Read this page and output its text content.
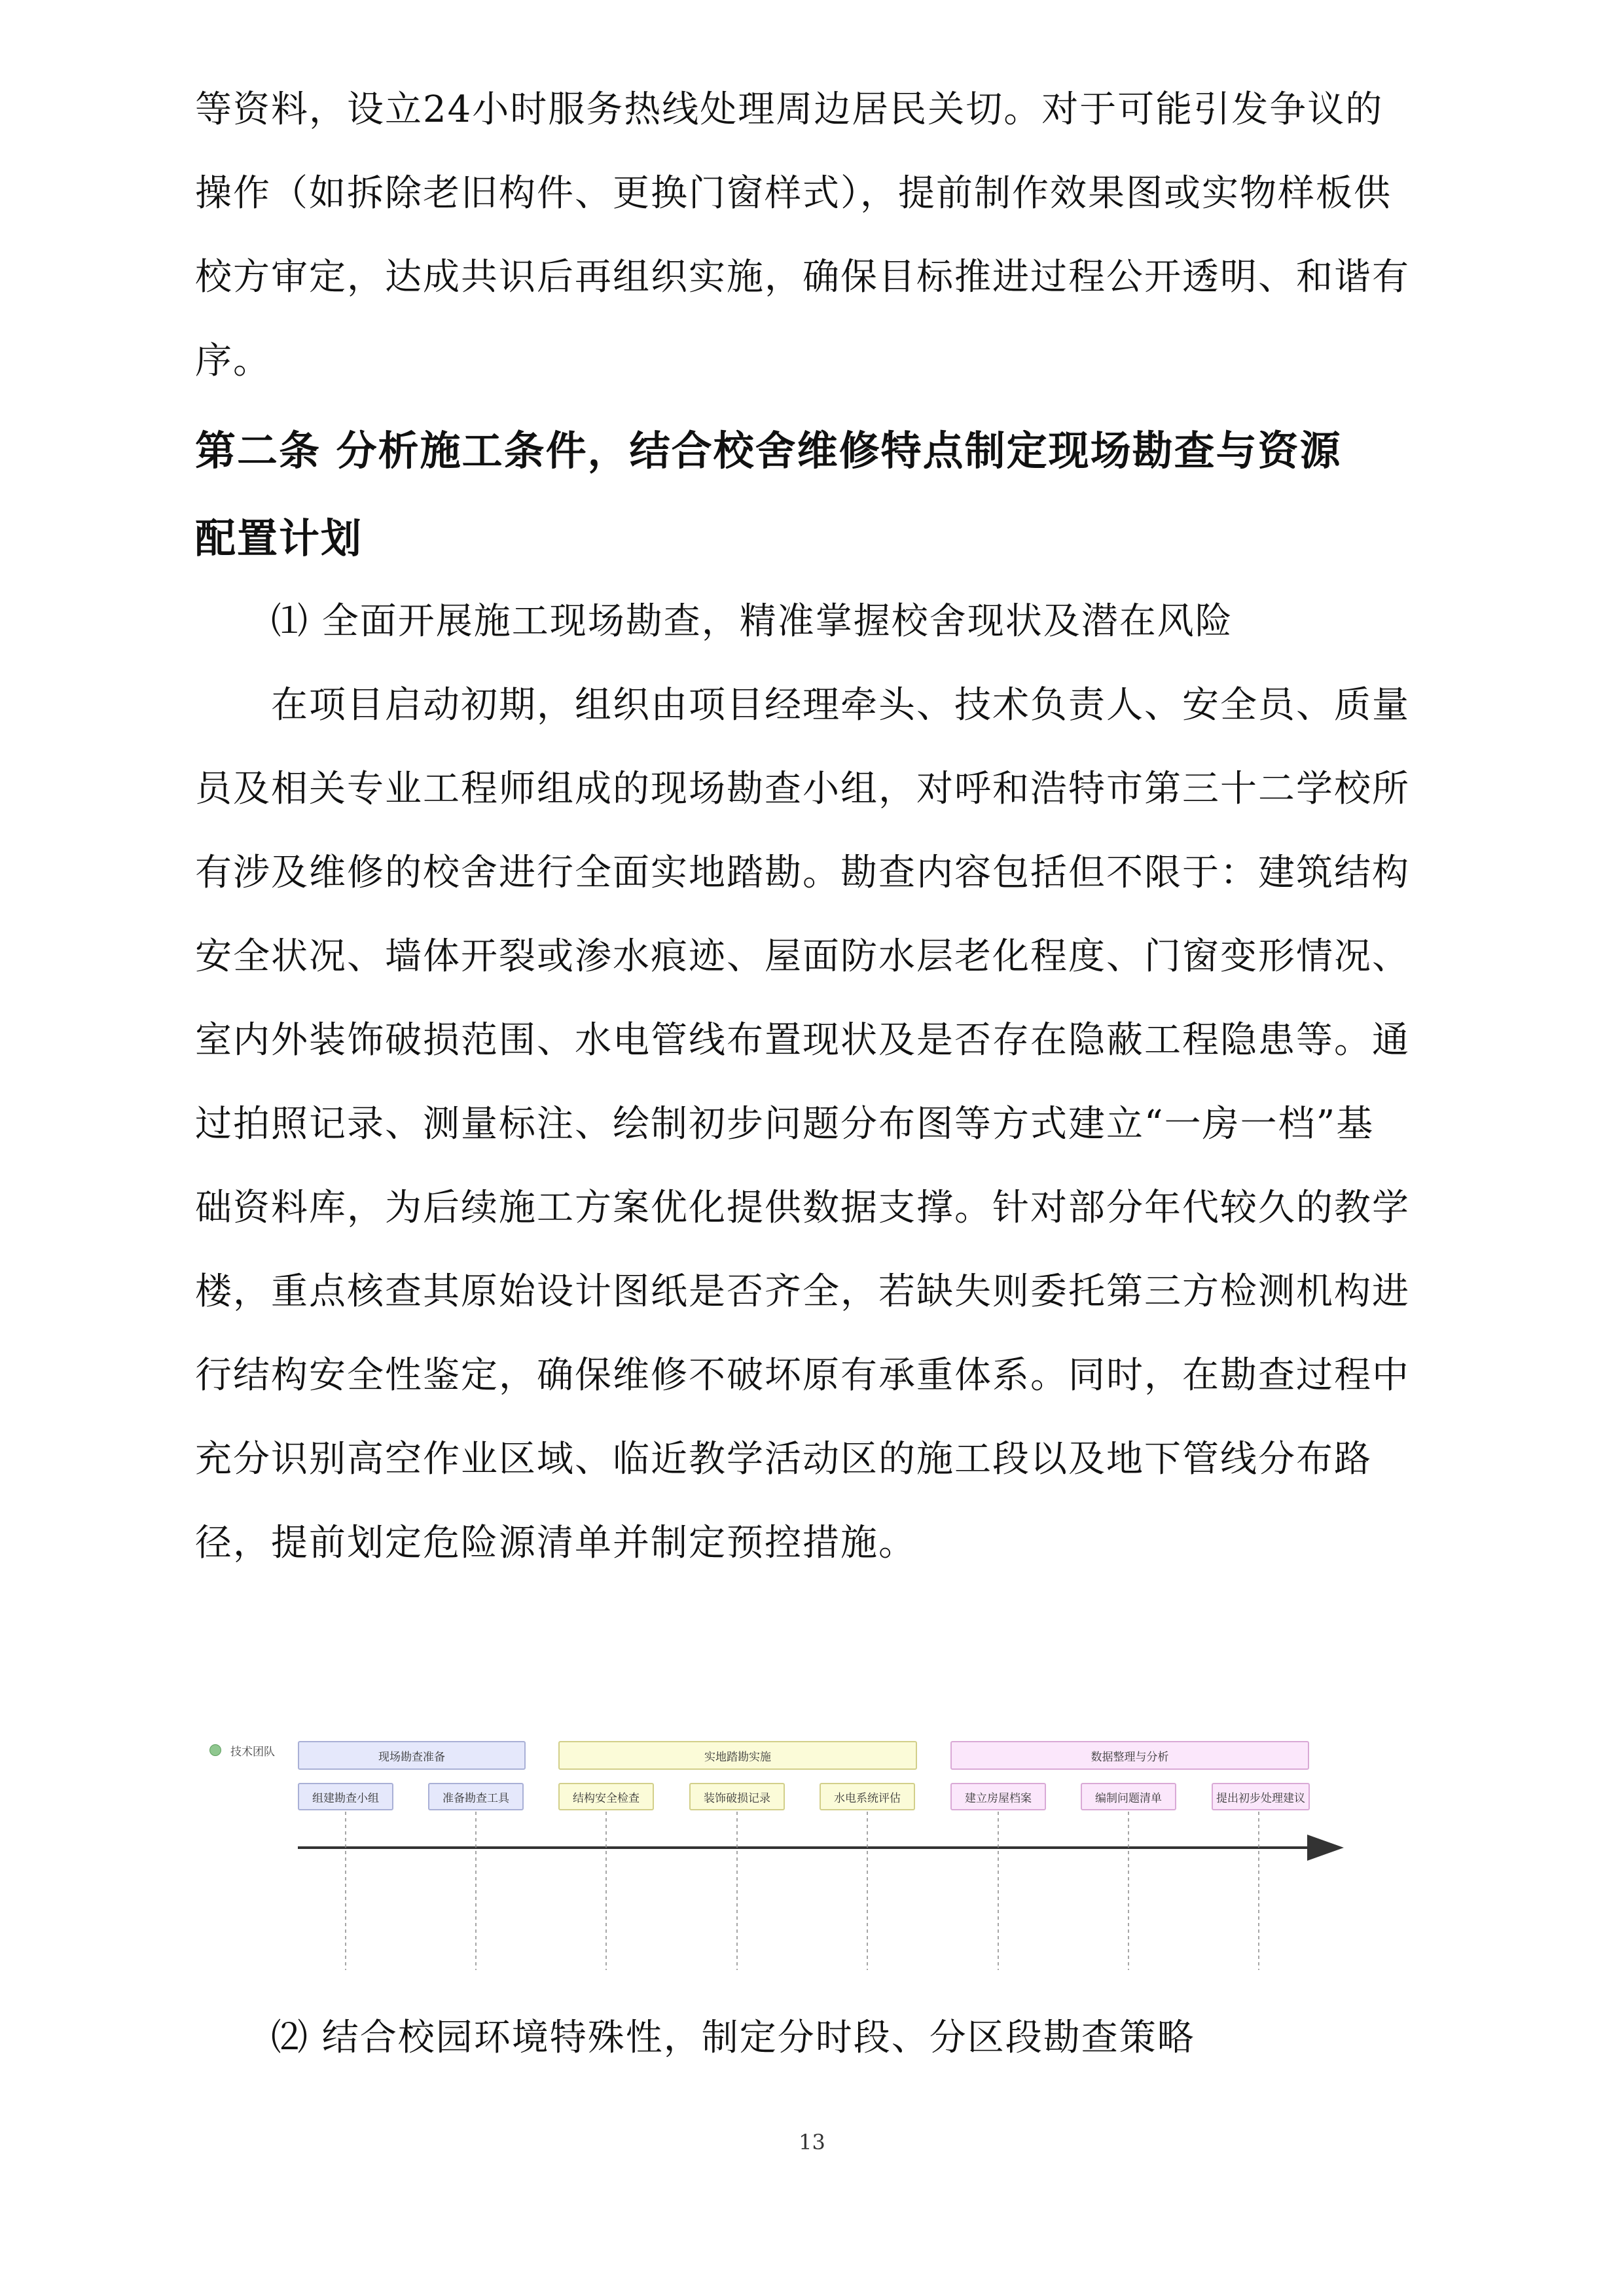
等资料，设立24小时服务热线处理周边居民关切。对于可能引发争议的
操作（如拆除老旧构件、更换门窗样式），提前制作效果图或实物样板供
校方审定，达成共识后再组织实施，确保目标推进过程公开透明、和谐有
序。

第二条 分析施工条件，结合校舍维修特点制定现场勘查与资源
配置计划

⑴ 全面开展施工现场勘查，精准掌握校舍现状及潜在风险

在项目启动初期，组织由项目经理牵头、技术负责人、安全员、质量
员及相关专业工程师组成的现场勘查小组，对呼和浩特市第三十二学校所
有涉及维修的校舍进行全面实地踏勘。勘查内容包括但不限于：建筑结构
安全状况、墙体开裂或渗水痕迹、屋面防水层老化程度、门窗变形情况、
室内外装饰破损范围、水电管线布置现状及是否存在隐蔽工程隐患等。通
过拍照记录、测量标注、绘制初步问题分布图等方式建立“一房一档”基
础资料库，为后续施工方案优化提供数据支撑。针对部分年代较久的教学
楼，重点核查其原始设计图纸是否齐全，若缺失则委托第三方检测机构进
行结构安全性鉴定，确保维修不破坏原有承重体系。同时，在勘查过程中
充分识别高空作业区域、临近教学活动区的施工段以及地下管线分布路
径，提前划定危险源清单并制定预控措施。

技术团队	现场勘查准备
组建勘查小组	准备勘查工具
实地踏勘实施
结构安全检查	装饰破损记录	水电系统评估
数据整理与分析
建立房屋档案	编制问题清单	提出初步处理建议

⑵ 结合校园环境特殊性，制定分时段、分区段勘查策略

13
